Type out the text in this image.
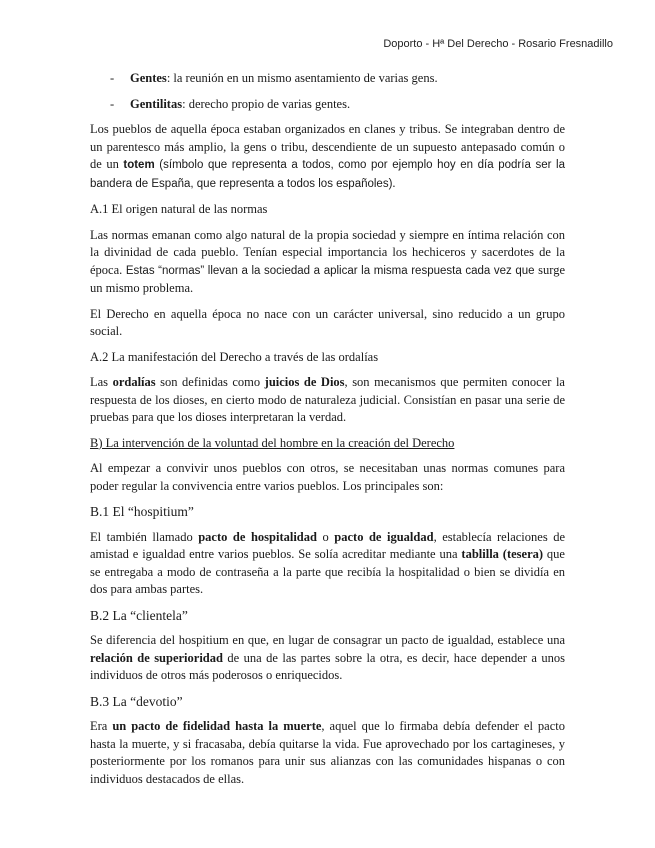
Doporto - Hª Del Derecho - Rosario Fresnadillo
- Gentes: la reunión en un mismo asentamiento de varias gens.
- Gentilitas: derecho propio de varias gentes.

Los pueblos de aquella época estaban organizados en clanes y tribus. Se integraban dentro de un parentesco más amplio, la gens o tribu, descendiente de un supuesto antepasado común o de un totem (símbolo que representa a todos, como por ejemplo hoy en día podría ser la bandera de España, que representa a todos los españoles).

A.1 El origen natural de las normas

Las normas emanan como algo natural de la propia sociedad y siempre en íntima relación con la divinidad de cada pueblo. Tenían especial importancia los hechiceros y sacerdotes de la época. Estas “normas” llevan a la sociedad a aplicar la misma respuesta cada vez que surge un mismo problema.

El Derecho en aquella época no nace con un carácter universal, sino reducido a un grupo social.

A.2 La manifestación del Derecho a través de las ordalías

Las ordalías son definidas como juicios de Dios, son mecanismos que permiten conocer la respuesta de los dioses, en cierto modo de naturaleza judicial. Consistían en pasar una serie de pruebas para que los dioses interpretaran la verdad.

B) La intervención de la voluntad del hombre en la creación del Derecho

Al empezar a convivir unos pueblos con otros, se necesitaban unas normas comunes para poder regular la convivencia entre varios pueblos. Los principales son:

B.1 El “hospitium”

El también llamado pacto de hospitalidad o pacto de igualdad, establecía relaciones de amistad e igualdad entre varios pueblos. Se solía acreditar mediante una tablilla (tesera) que se entregaba a modo de contraseña a la parte que recibía la hospitalidad o bien se dividía en dos para ambas partes.

B.2 La “clientela”

Se diferencia del hospitium en que, en lugar de consagrar un pacto de igualdad, establece una relación de superioridad de una de las partes sobre la otra, es decir, hace depender a unos individuos de otros más poderosos o enriquecidos.

B.3 La “devotio”

Era un pacto de fidelidad hasta la muerte, aquel que lo firmaba debía defender el pacto hasta la muerte, y si fracasaba, debía quitarse la vida. Fue aprovechado por los cartagineses, y posteriormente por los romanos para unir sus alianzas con las comunidades hispanas o con individuos destacados de ellas.
